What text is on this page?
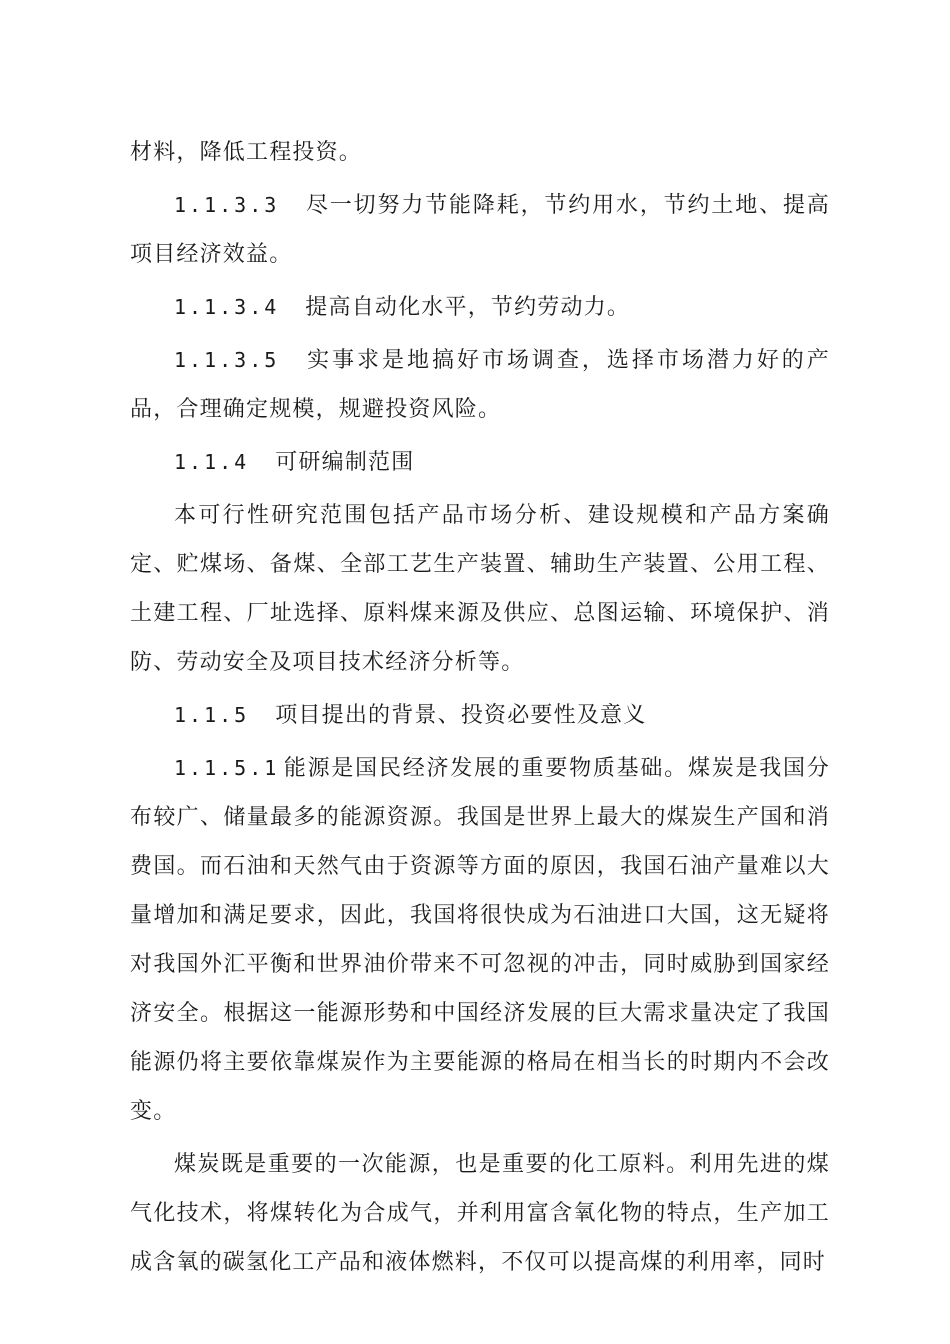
材料，降低工程投资。

1.1.3.3 尽一切努力节能降耗，节约用水，节约土地、提高项目经济效益。

1.1.3.4 提高自动化水平，节约劳动力。

1.1.3.5 实事求是地搞好市场调查，选择市场潜力好的产品，合理确定规模，规避投资风险。

1.1.4 可研编制范围

本可行性研究范围包括产品市场分析、建设规模和产品方案确定、贮煤场、备煤、全部工艺生产装置、辅助生产装置、公用工程、土建工程、厂址选择、原料煤来源及供应、总图运输、环境保护、消防、劳动安全及项目技术经济分析等。

1.1.5 项目提出的背景、投资必要性及意义

1.1.5.1 能源是国民经济发展的重要物质基础。煤炭是我国分布较广、储量最多的能源资源。我国是世界上最大的煤炭生产国和消费国。而石油和天然气由于资源等方面的原因，我国石油产量难以大量增加和满足要求，因此，我国将很快成为石油进口大国，这无疑将对我国外汇平衡和世界油价带来不可忽视的冲击，同时威胁到国家经济安全。根据这一能源形势和中国经济发展的巨大需求量决定了我国能源仍将主要依靠煤炭作为主要能源的格局在相当长的时期内不会改变。

煤炭既是重要的一次能源，也是重要的化工原料。利用先进的煤气化技术，将煤转化为合成气，并利用富含氧化物的特点，生产加工成含氧的碳氢化工产品和液体燃料，不仅可以提高煤的利用率，同时
